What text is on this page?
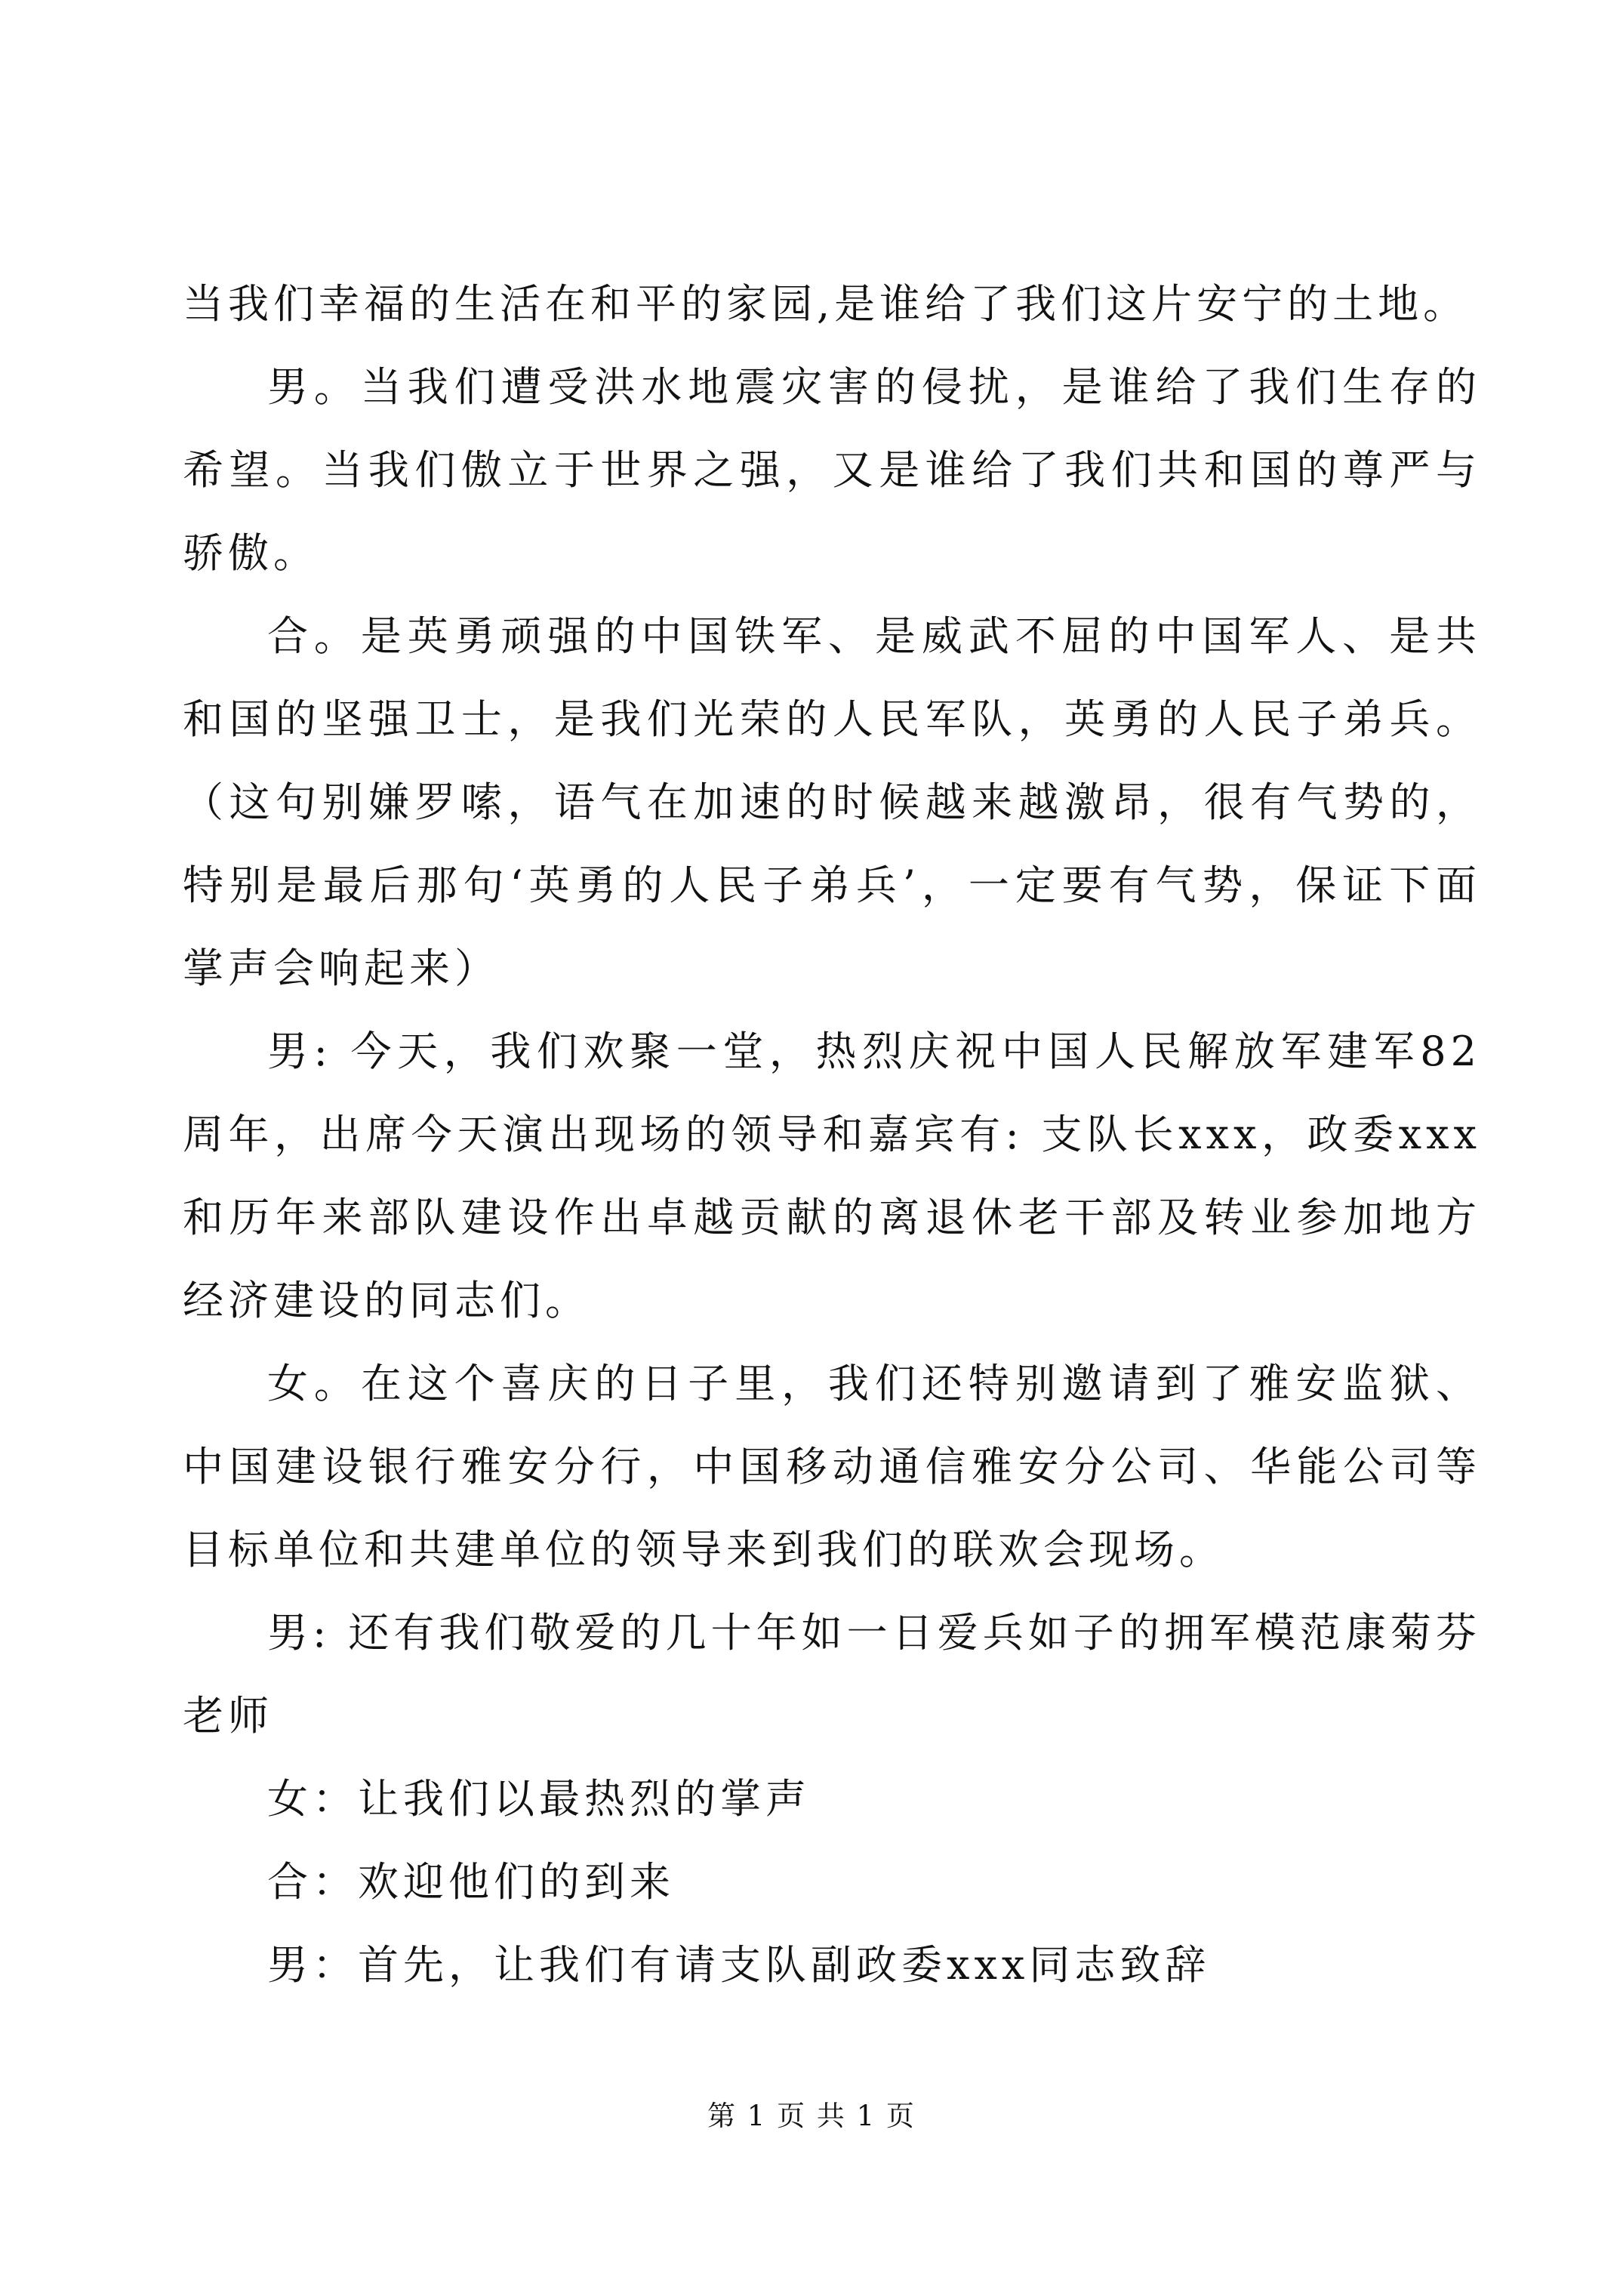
当我们幸福的生活在和平的家园,是谁给了我们这片安宁的土地。

男。当我们遭受洪水地震灾害的侵扰，是谁给了我们生存的希望。当我们傲立于世界之强，又是谁给了我们共和国的尊严与骄傲。

合。是英勇顽强的中国铁军、是威武不屈的中国军人、是共和国的坚强卫士，是我们光荣的人民军队，英勇的人民子弟兵。（这句别嫌罗嗦，语气在加速的时候越来越激昂，很有气势的，特别是最后那句‘英勇的人民子弟兵’，一定要有气势，保证下面掌声会响起来）

男: 今天，我们欢聚一堂，热烈庆祝中国人民解放军建军82周年，出席今天演出现场的领导和嘉宾有: 支队长xxx，政委xxx和历年来部队建设作出卓越贡献的离退休老干部及转业参加地方经济建设的同志们。

女。在这个喜庆的日子里，我们还特别邀请到了雅安监狱、中国建设银行雅安分行，中国移动通信雅安分公司、华能公司等目标单位和共建单位的领导来到我们的联欢会现场。

男: 还有我们敬爱的几十年如一日爱兵如子的拥军模范康菊芬老师

女：让我们以最热烈的掌声

合：欢迎他们的到来

男：首先，让我们有请支队副政委xxx同志致辞

第 1 页 共 1 页
